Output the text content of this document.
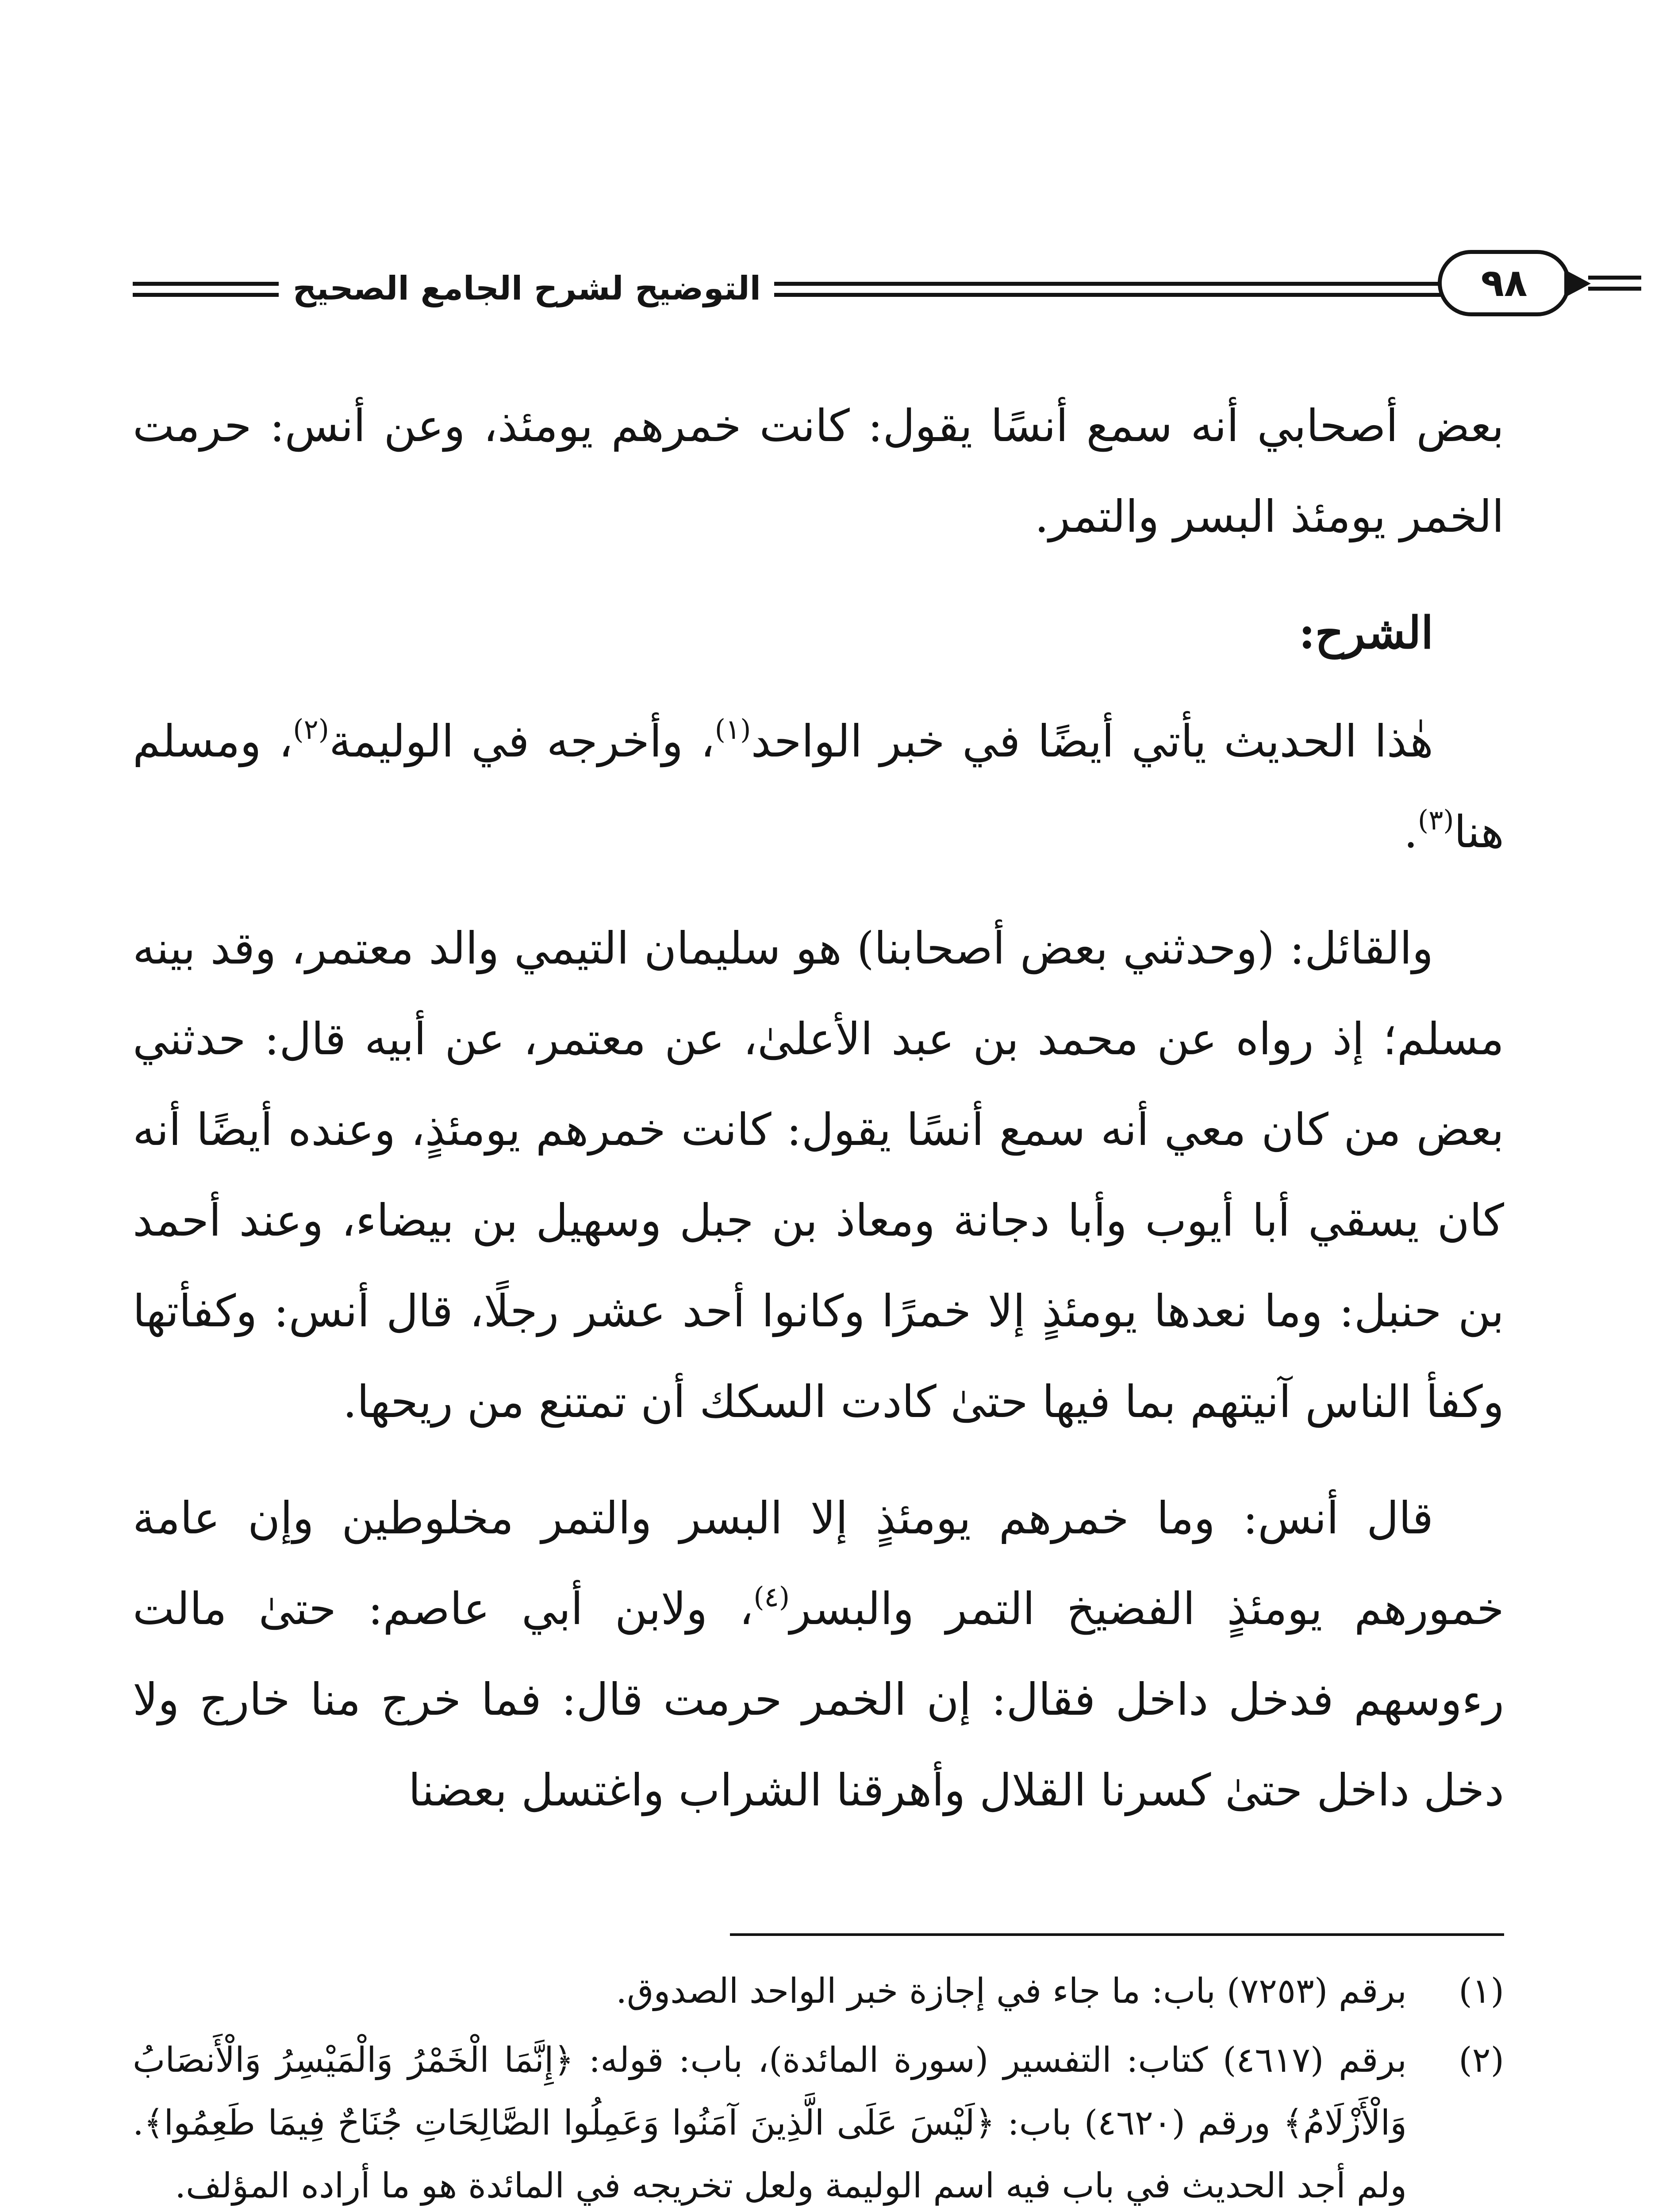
التوضيح لشرح الجامع الصحيح	٩٨

بعض أصحابي أنه سمع أنسًا يقول: كانت خمرهم يومئذ، وعن أنس: حرمت الخمر يومئذ البسر والتمر.

الشرح:

هٰذا الحديث يأتي أيضًا في خبر الواحد$^{(١)}$، وأخرجه في الوليمة$^{(٢)}$، ومسلم هنا$^{(٣)}$.

والقائل: (وحدثني بعض أصحابنا) هو سليمان التيمي والد معتمر، وقد بينه مسلم؛ إذ رواه عن محمد بن عبد الأعلىٰ، عن معتمر، عن أبيه قال: حدثني بعض من كان معي أنه سمع أنسًا يقول: كانت خمرهم يومئذٍ، وعنده أيضًا أنه كان يسقي أبا أيوب وأبا دجانة ومعاذ بن جبل وسهيل بن بيضاء، وعند أحمد بن حنبل: وما نعدها يومئذٍ إلا خمرًا وكانوا أحد عشر رجلًا، قال أنس: وكفأتها وكفأ الناس آنيتهم بما فيها حتىٰ كادت السكك أن تمتنع من ريحها.

قال أنس: وما خمرهم يومئذٍ إلا البسر والتمر مخلوطين وإن عامة خمورهم يومئذٍ الفضيخ التمر والبسر$^{(٤)}$، ولابن أبي عاصم: حتىٰ مالت رءوسهم فدخل داخل فقال: إن الخمر حرمت قال: فما خرج منا خارج ولا دخل داخل حتىٰ كسرنا القلال وأهرقنا الشراب واغتسل بعضنا

(١)
برقم (٧٢٥٣) باب: ما جاء في إجازة خبر الواحد الصدوق.
(٢)
برقم (٤٦١٧) كتاب: التفسير (سورة المائدة)، باب: قوله: ﴿إِنَّمَا الْخَمْرُ وَالْمَيْسِرُ وَالْأَنصَابُ وَالْأَزْلَامُ﴾ ورقم (٤٦٢٠) باب: ﴿لَيْسَ عَلَى الَّذِينَ آمَنُوا وَعَمِلُوا الصَّالِحَاتِ جُنَاحٌ فِيمَا طَعِمُوا﴾. ولم أجد الحديث في باب فيه اسم الوليمة ولعل تخريجه في المائدة هو ما أراده المؤلف.
